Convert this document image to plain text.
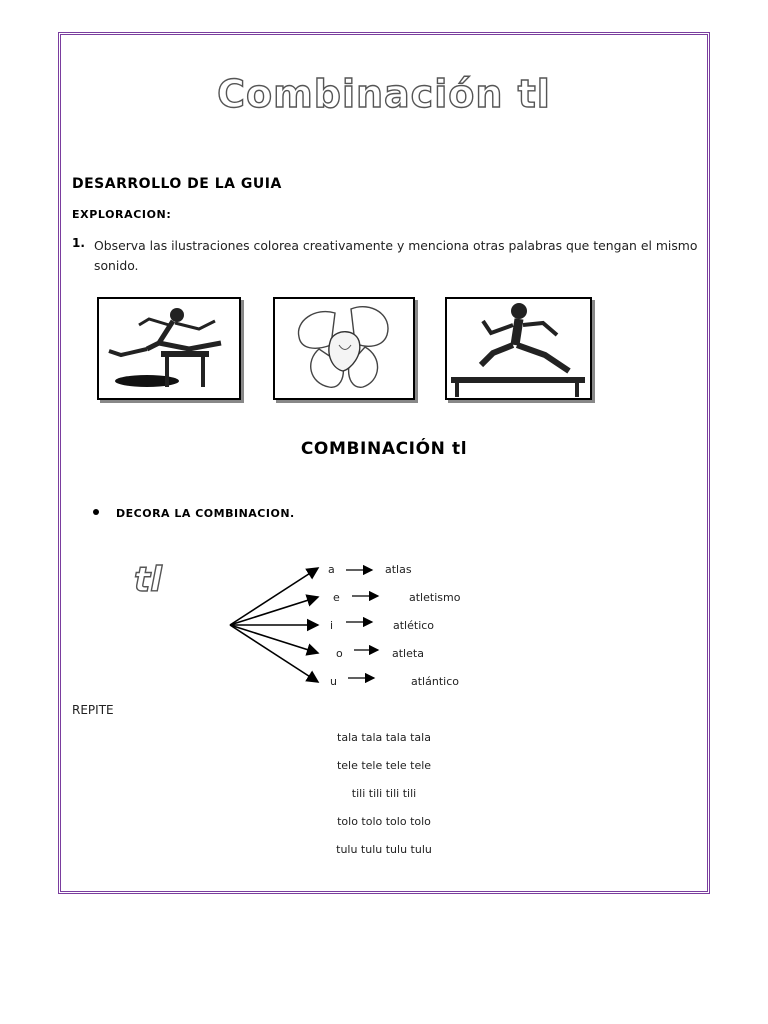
Combinación tl
DESARROLLO DE LA GUIA
EXPLORACION:
1. Observa las ilustraciones colorea creativamente y menciona otras palabras que tengan el mismo sonido.
COMBINACIÓN tl
DECORA LA COMBINACION.
tl	a	atlas
e	atletismo
i	atlético
o	atleta
u	atlántico
REPITE
tala tala tala tala
tele tele tele tele
tili tili tili tili
tolo tolo tolo tolo
tulu tulu tulu tulu
